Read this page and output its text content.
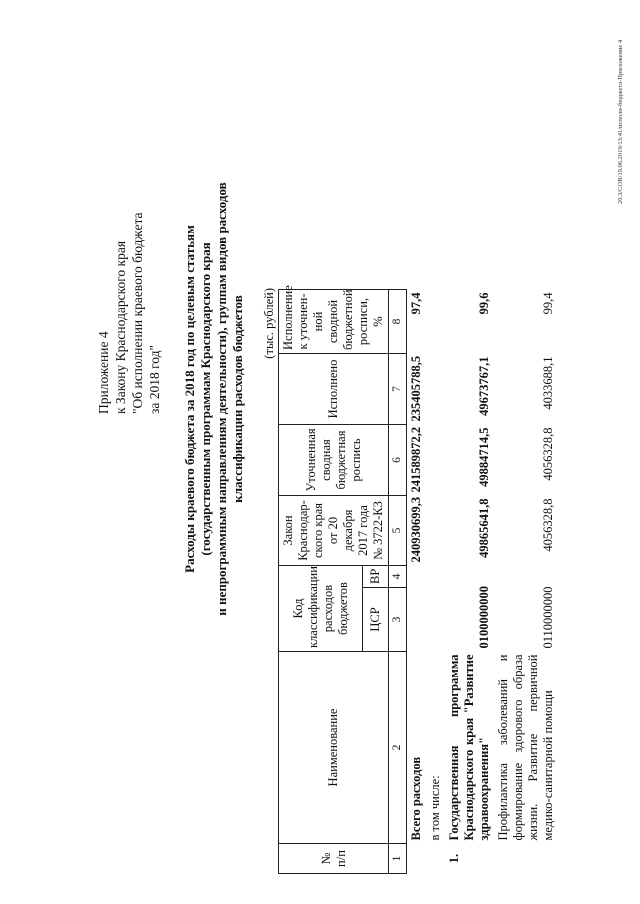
Приложение 4 к Закону Краснодарского края "Об исполнении краевого бюджета за 2018 год" Расходы краевого бюджета за 2018 год по целевым статьям (государственным программам Краснодарского края и непрограммным направлениям деятельности), группам видов расходов классификации расходов бюджетов (тыс. рублей)
№ п/п	Наименование	Код классификации расходов бюджетов		Закон Краснодар-ского края от 20 декабря 2017 года № 3722-КЗ	Уточненная сводная бюджетная роспись	Исполнено	Исполнение к уточнен-ной сводной бюджетной росписи, %
		ЦСР	ВР				
1	2	3	4	5	6	7	8
	Всего расходов			240930699,3	241589872,2	235405788,5	97,4
	в том числе:						
1.	Государственная программа Краснодарского края "Развитие здравоохранения"	0100000000		49865641,8	49884714,5	49673767,1	99,6
	Профилактика заболеваний и формирование здорового образа жизни. Развитие первичной медико-санитарной помощи	0110000000		4056328,8	4056328,8	4033688,1	99,4
20.3/СОВ/19.06.2019/13:41/исполн-бюджета-Приложение 4
